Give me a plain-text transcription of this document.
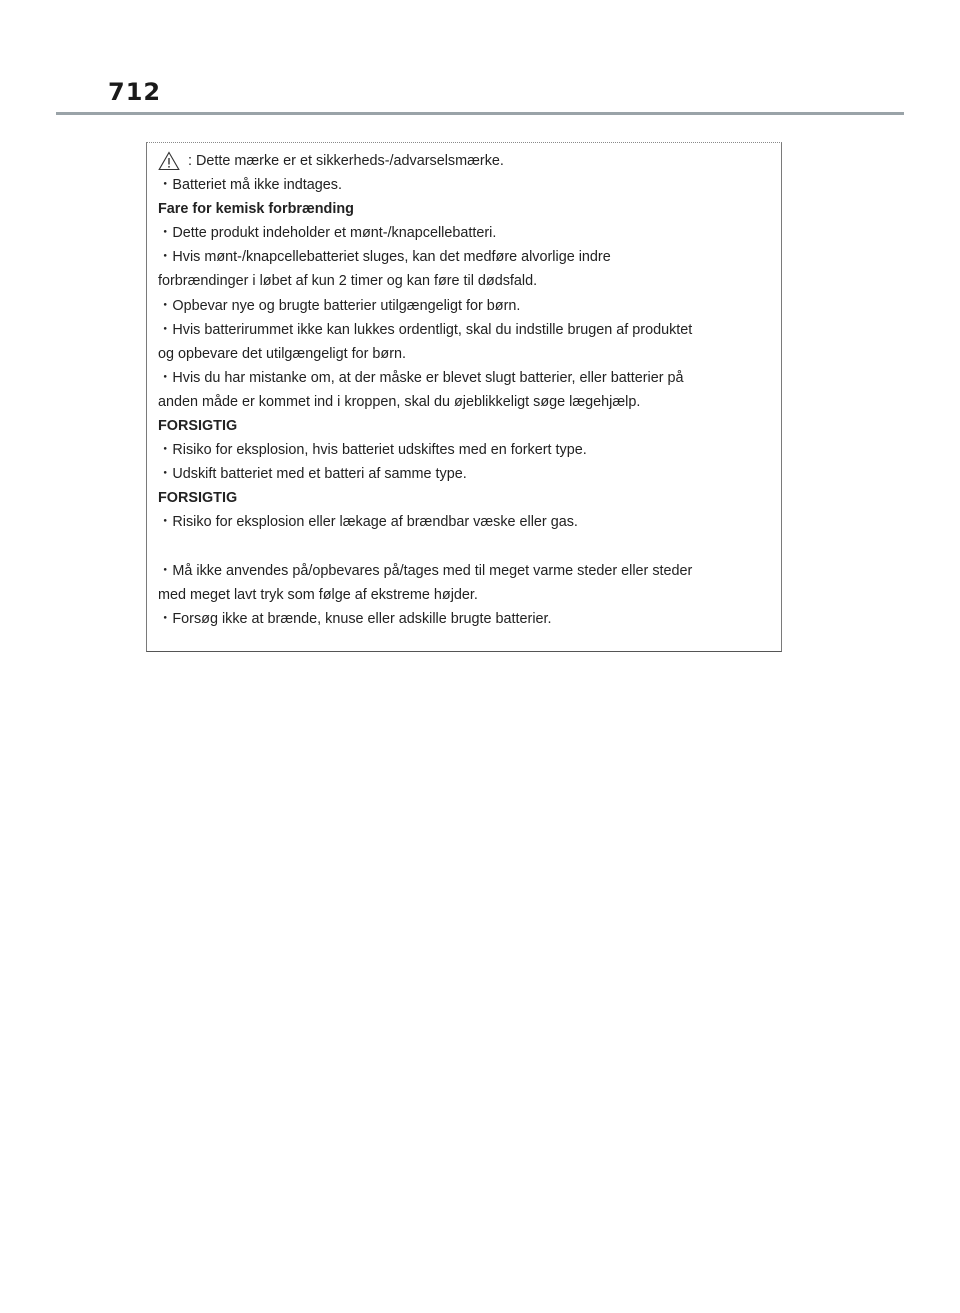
712
: Dette mærke er et sikkerheds-/advarselsmærke.
・Batteriet må ikke indtages.
Fare for kemisk forbrænding
・Dette produkt indeholder et mønt-/knapcellebatteri.
・Hvis mønt-/knapcellebatteriet sluges, kan det medføre alvorlige indre
forbrændinger i løbet af kun 2 timer og kan føre til dødsfald.
・Opbevar nye og brugte batterier utilgængeligt for børn.
・Hvis batterirummet ikke kan lukkes ordentligt, skal du indstille brugen af produktet
og opbevare det utilgængeligt for børn.
・Hvis du har mistanke om, at der måske er blevet slugt batterier, eller batterier på
anden måde er kommet ind i kroppen, skal du øjeblikkeligt søge lægehjælp.
FORSIGTIG
・Risiko for eksplosion, hvis batteriet udskiftes med en forkert type.
・Udskift batteriet med et batteri af samme type.
FORSIGTIG
・Risiko for eksplosion eller lækage af brændbar væske eller gas.
・Må ikke anvendes på/opbevares på/tages med til meget varme steder eller steder
med meget lavt tryk som følge af ekstreme højder.
・Forsøg ikke at brænde, knuse eller adskille brugte batterier.
